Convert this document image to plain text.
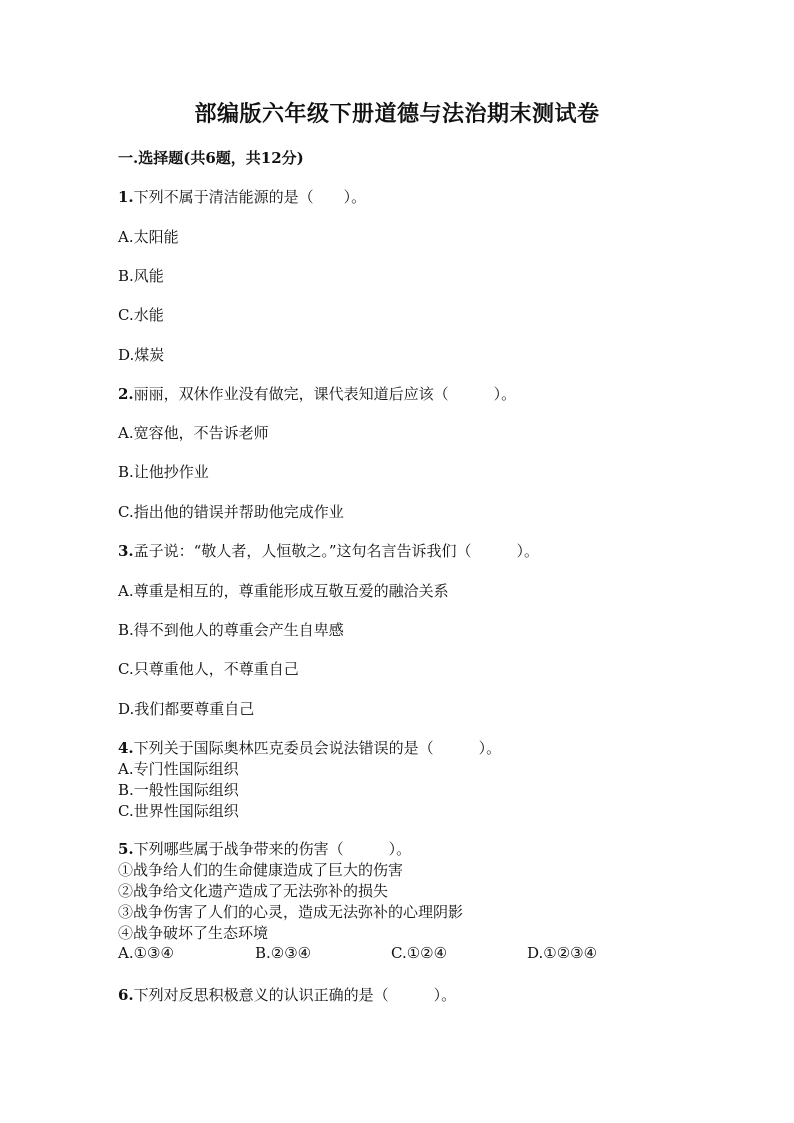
部编版六年级下册道德与法治期末测试卷
一.选择题(共6题，共12分)
1.下列不属于清洁能源的是（　　）。
A.太阳能
B.风能
C.水能
D.煤炭
2.丽丽，双休作业没有做完，课代表知道后应该（　　　）。
A.宽容他，不告诉老师
B.让他抄作业
C.指出他的错误并帮助他完成作业
3.孟子说：“敬人者，人恒敬之。”这句名言告诉我们（　　　）。
A.尊重是相互的，尊重能形成互敬互爱的融洽关系
B.得不到他人的尊重会产生自卑感
C.只尊重他人，不尊重自己
D.我们都要尊重自己
4.下列关于国际奥林匹克委员会说法错误的是（　　　）。
A.专门性国际组织
B.一般性国际组织
C.世界性国际组织
5.下列哪些属于战争带来的伤害（　　　）。
①战争给人们的生命健康造成了巨大的伤害
②战争给文化遗产造成了无法弥补的损失
③战争伤害了人们的心灵，造成无法弥补的心理阴影
④战争破坏了生态环境
A.①③④	B.②③④	C.①②④	D.①②③④
6.下列对反思积极意义的认识正确的是（　　　）。
